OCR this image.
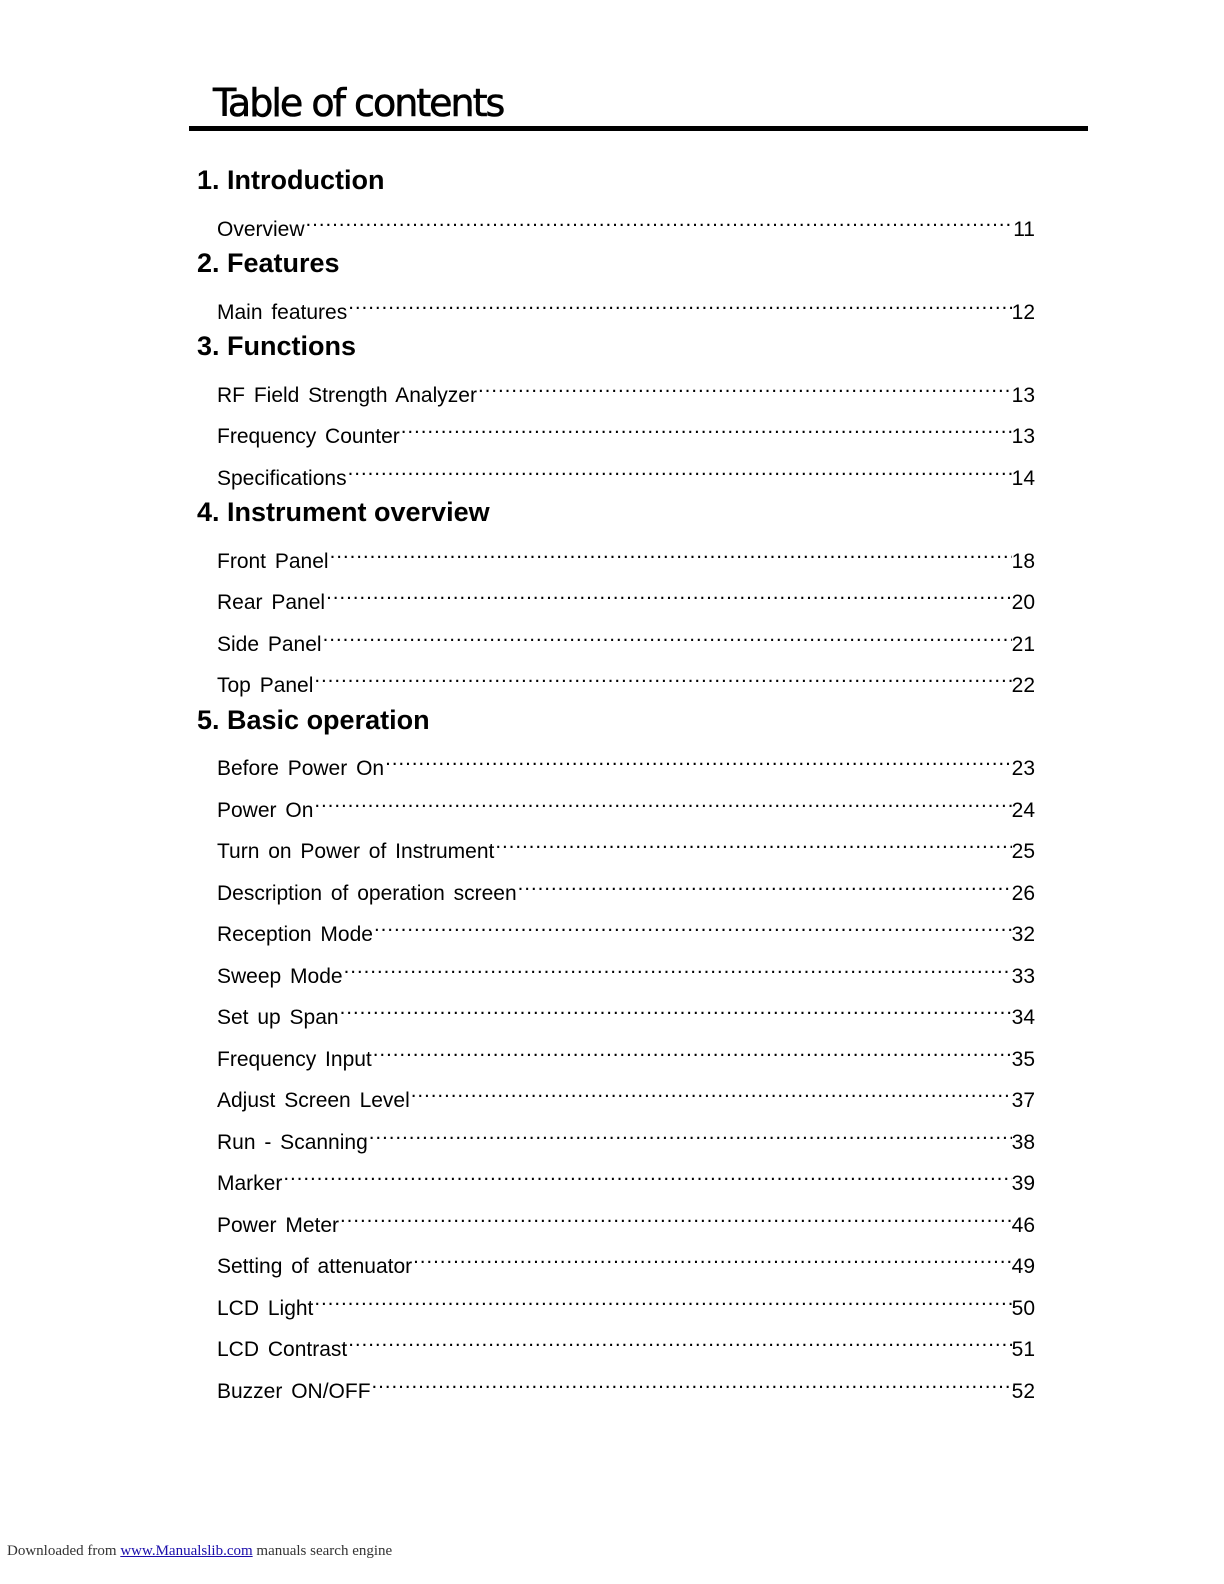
Table of contents
1. Introduction
Overview ………………………………………………………………………………………………………………………………………………………………………………………	11
2. Features
Main features ………………………………………………………………………………………………………………………………………………………………………………………	12
3. Functions
RF Field Strength Analyzer ………………………………………………………………………………………………………………………………………………………………………………………	13
Frequency Counter ………………………………………………………………………………………………………………………………………………………………………………………	13
Specifications ………………………………………………………………………………………………………………………………………………………………………………………	14
4. Instrument overview
Front Panel ………………………………………………………………………………………………………………………………………………………………………………………	18
Rear Panel ………………………………………………………………………………………………………………………………………………………………………………………	20
Side Panel ………………………………………………………………………………………………………………………………………………………………………………………	21
Top Panel ………………………………………………………………………………………………………………………………………………………………………………………	22
5. Basic operation
Before Power On ………………………………………………………………………………………………………………………………………………………………………………………	23
Power On ………………………………………………………………………………………………………………………………………………………………………………………	24
Turn on Power of Instrument ………………………………………………………………………………………………………………………………………………………………………………………	25
Description of operation screen ………………………………………………………………………………………………………………………………………………………………………………………	26
Reception Mode ………………………………………………………………………………………………………………………………………………………………………………………	32
Sweep Mode ………………………………………………………………………………………………………………………………………………………………………………………	33
Set up Span ………………………………………………………………………………………………………………………………………………………………………………………	34
Frequency Input ………………………………………………………………………………………………………………………………………………………………………………………	35
Adjust Screen Level ………………………………………………………………………………………………………………………………………………………………………………………	37
Run - Scanning ………………………………………………………………………………………………………………………………………………………………………………………	38
Marker ………………………………………………………………………………………………………………………………………………………………………………………	39
Power Meter ………………………………………………………………………………………………………………………………………………………………………………………	46
Setting of attenuator ………………………………………………………………………………………………………………………………………………………………………………………	49
LCD Light ………………………………………………………………………………………………………………………………………………………………………………………	50
LCD Contrast ………………………………………………………………………………………………………………………………………………………………………………………	51
Buzzer ON/OFF ………………………………………………………………………………………………………………………………………………………………………………………	52
Downloaded from www.Manualslib.com manuals search engine
